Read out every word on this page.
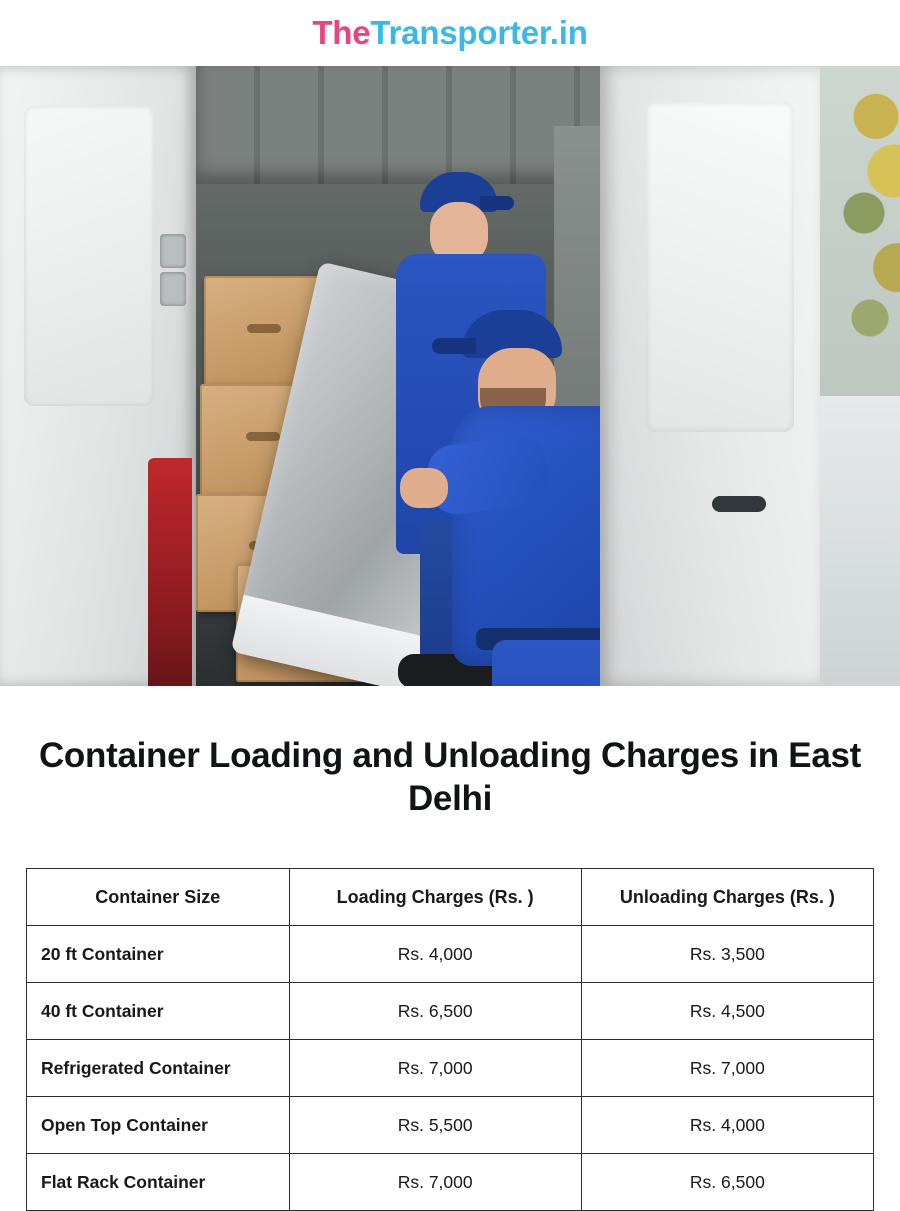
TheTransporter.in
Container Loading and Unloading Charges in East Delhi
Container Size	Loading Charges (Rs. )	Unloading Charges (Rs. )
20 ft Container	Rs. 4,000	Rs. 3,500
40 ft Container	Rs. 6,500	Rs. 4,500
Refrigerated Container	Rs. 7,000	Rs. 7,000
Open Top Container	Rs. 5,500	Rs. 4,000
Flat Rack Container	Rs. 7,000	Rs. 6,500
